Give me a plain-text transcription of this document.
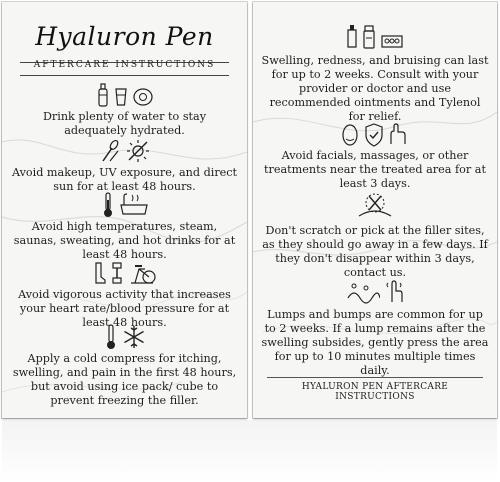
Hyaluron Pen
AFTERCARE INSTRUCTIONS
Drink plenty of water to stay adequately hydrated.
Avoid makeup, UV exposure, and direct sun for at least 48 hours.
Avoid high temperatures, steam, saunas, sweating, and hot drinks for at least 48 hours.
Avoid vigorous activity that increases your heart rate/blood pressure for at least 48 hours.
Apply a cold compress for itching, swelling, and pain in the first 48 hours, but avoid using ice pack/ cube to prevent freezing the filler.
Swelling, redness, and bruising can last for up to 2 weeks. Consult with your provider or doctor and use recommended ointments and Tylenol for relief.
Avoid facials, massages, or other treatments near the treated area for at least 3 days.
Don't scratch or pick at the filler sites, as they should go away in a few days. If they don't disappear within 3 days, contact us.
Lumps and bumps are common for up to 2 weeks. If a lump remains after the swelling subsides, gently press the area for up to 10 minutes multiple times daily.
HYALURON PEN AFTERCARE INSTRUCTIONS
